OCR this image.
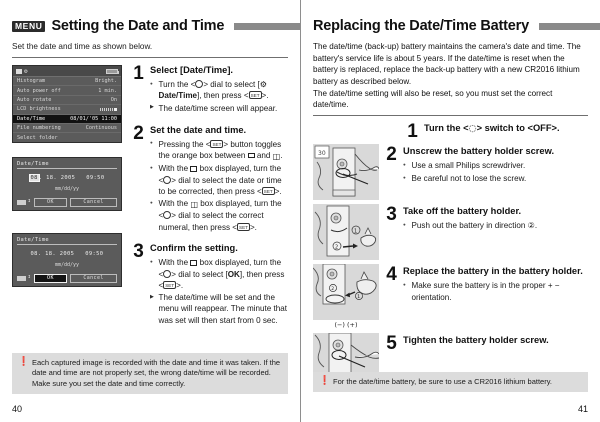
MENU Setting the Date and Time
Set the date and time as shown below.
⚙
Histogram	Bright.
Auto power off	1 min.
Auto rotate	On
LCD brightness
Date/Time	08/01/'05 11:00
File numbering	Continuous
Select folder
Date/Time
08. 18. 2005 09:50
mm/dd/yy
↕	OK	Cancel
Date/Time
08. 18. 2005 09:50
mm/dd/yy
↕	OK	Cancel
1 Select [Date/Time].
● Turn the < > dial to select [⚙ Date/Time], then press < SET >.
▶ The date/time screen will appear.
2 Set the date and time.
● Pressing the < SET > button toggles the orange box between  and ◫.
● With the  box displayed, turn the < > dial to select the date or time to be corrected, then press < SET >.
● With the ◫ box displayed, turn the < > dial to select the correct numeral, then press < SET >.
3 Confirm the setting.
● With the  box displayed, turn the < > dial to select [OK], then press < SET >.
▶ The date/time will be set and the menu will reappear. The minute that was set will then start from 0 sec.
❗ Each captured image is recorded with the date and time it was taken. If the date and time are not properly set, the wrong date/time will be recorded. Make sure you set the date and time correctly.
40
Replacing the Date/Time Battery
The date/time (back-up) battery maintains the camera's date and time. The battery's service life is about 5 years. If the date/time is reset when the battery is replaced, replace the back-up battery with a new CR2016 lithium battery as described below.
The date/time setting will also be reset, so you must set the correct date/time.
1 Turn the <◌> switch to <OFF>.
30	2 Unscrew the battery holder screw.
● Use a small Philips screwdriver.
● Be careful not to lose the screw.
1
2
3 Take off the battery holder.
● Push out the battery in direction ②.
2
1
(−) (+)
4 Replace the battery in the battery holder.
● Make sure the battery is in the proper + − orientation.
5 Tighten the battery holder screw.
❗ For the date/time battery, be sure to use a CR2016 lithium battery.
41
